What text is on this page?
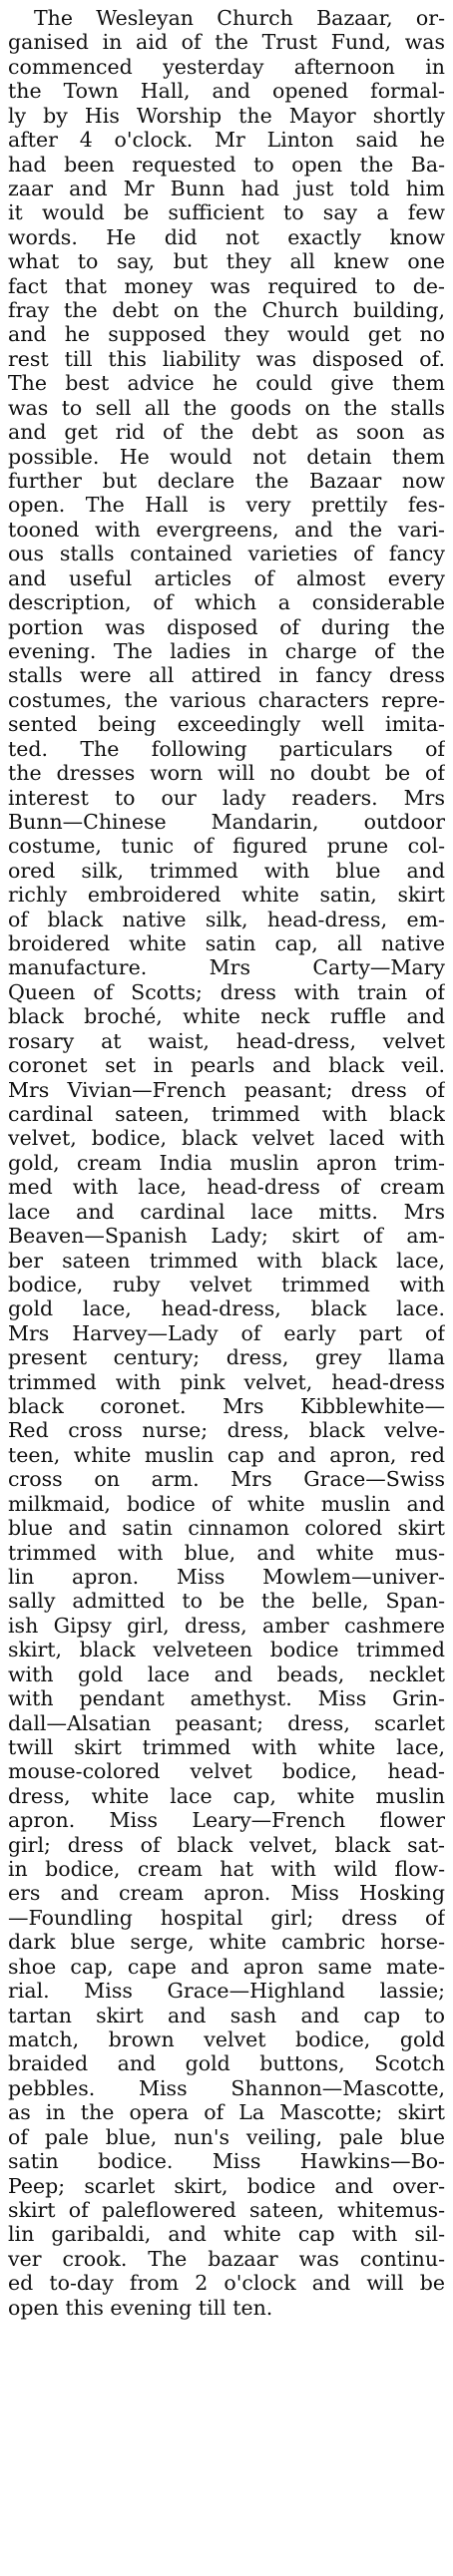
The Wesleyan Church Bazaar, or-
ganised in aid of the Trust Fund, was
commenced yesterday afternoon in
the Town Hall, and opened formal-
ly by His Worship the Mayor shortly
after 4 o'clock. Mr Linton said he
had been requested to open the Ba-
zaar and Mr Bunn had just told him
it would be sufficient to say a few
words. He did not exactly know
what to say, but they all knew one
fact that money was required to de-
fray the debt on the Church building,
and he supposed they would get no
rest till this liability was disposed of.
The best advice he could give them
was to sell all the goods on the stalls
and get rid of the debt as soon as
possible. He would not detain them
further but declare the Bazaar now
open. The Hall is very prettily fes-
tooned with evergreens, and the vari-
ous stalls contained varieties of fancy
and useful articles of almost every
description, of which a considerable
portion was disposed of during the
evening. The ladies in charge of the
stalls were all attired in fancy dress
costumes, the various characters repre-
sented being exceedingly well imita-
ted. The following particulars of
the dresses worn will no doubt be of
interest to our lady readers. Mrs
Bunn—Chinese Mandarin, outdoor
costume, tunic of figured prune col-
ored silk, trimmed with blue and
richly embroidered white satin, skirt
of black native silk, head-dress, em-
broidered white satin cap, all native
manufacture. Mrs Carty—Mary
Queen of Scotts; dress with train of
black broché, white neck ruffle and
rosary at waist, head-dress, velvet
coronet set in pearls and black veil.
Mrs Vivian—French peasant; dress of
cardinal sateen, trimmed with black
velvet, bodice, black velvet laced with
gold, cream India muslin apron trim-
med with lace, head-dress of cream
lace and cardinal lace mitts. Mrs
Beaven—Spanish Lady; skirt of am-
ber sateen trimmed with black lace,
bodice, ruby velvet trimmed with
gold lace, head-dress, black lace.
Mrs Harvey—Lady of early part of
present century; dress, grey llama
trimmed with pink velvet, head-dress
black coronet. Mrs Kibblewhite—
Red cross nurse; dress, black velve-
teen, white muslin cap and apron, red
cross on arm. Mrs Grace—Swiss
milkmaid, bodice of white muslin and
blue and satin cinnamon colored skirt
trimmed with blue, and white mus-
lin apron. Miss Mowlem—univer-
sally admitted to be the belle, Span-
ish Gipsy girl, dress, amber cashmere
skirt, black velveteen bodice trimmed
with gold lace and beads, necklet
with pendant amethyst. Miss Grin-
dall—Alsatian peasant; dress, scarlet
twill skirt trimmed with white lace,
mouse-colored velvet bodice, head-
dress, white lace cap, white muslin
apron. Miss Leary—French flower
girl; dress of black velvet, black sat-
in bodice, cream hat with wild flow-
ers and cream apron. Miss Hosking
—Foundling hospital girl; dress of
dark blue serge, white cambric horse-
shoe cap, cape and apron same mate-
rial. Miss Grace—Highland lassie;
tartan skirt and sash and cap to
match, brown velvet bodice, gold
braided and gold buttons, Scotch
pebbles. Miss Shannon—Mascotte,
as in the opera of La Mascotte; skirt
of pale blue, nun's veiling, pale blue
satin bodice. Miss Hawkins—Bo-
Peep; scarlet skirt, bodice and over-
skirt of paleflowered sateen, whitemus-
lin garibaldi, and white cap with sil-
ver crook. The bazaar was continu-
ed to-day from 2 o'clock and will be
open this evening till ten.
